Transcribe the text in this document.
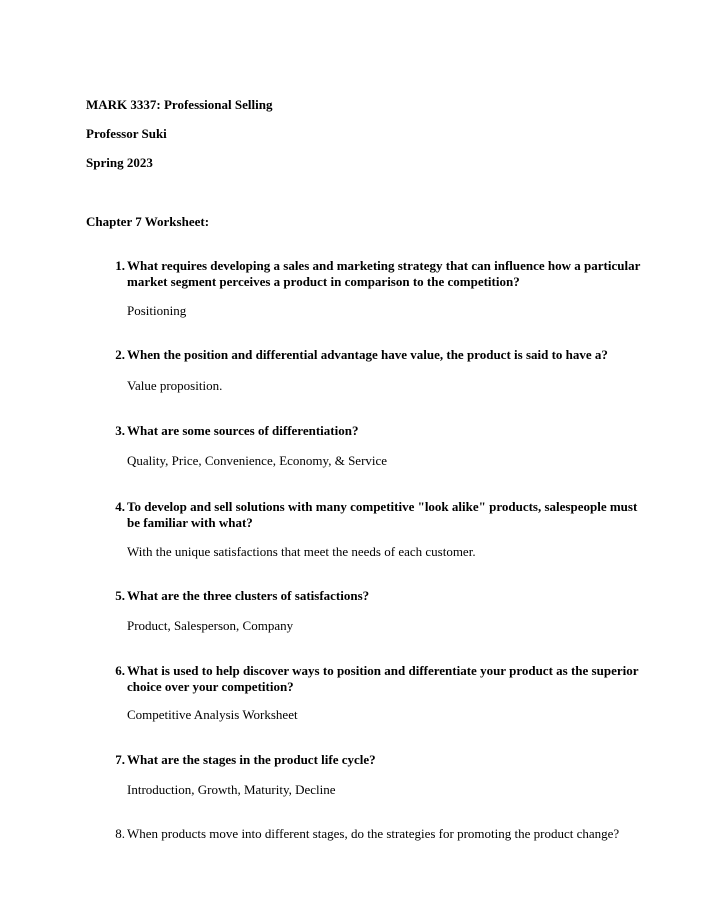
MARK 3337: Professional Selling
Professor Suki
Spring 2023
Chapter 7 Worksheet:
1. What requires developing a sales and marketing strategy that can influence how a particular market segment perceives a product in comparison to the competition?
Positioning
2. When the position and differential advantage have value, the product is said to have a?
Value proposition.
3. What are some sources of differentiation?
Quality, Price, Convenience, Economy, & Service
4. To develop and sell solutions with many competitive "look alike" products, salespeople must be familiar with what?
With the unique satisfactions that meet the needs of each customer.
5. What are the three clusters of satisfactions?
Product, Salesperson, Company
6. What is used to help discover ways to position and differentiate your product as the superior choice over your competition?
Competitive Analysis Worksheet
7. What are the stages in the product life cycle?
Introduction, Growth, Maturity, Decline
8. When products move into different stages, do the strategies for promoting the product change?
